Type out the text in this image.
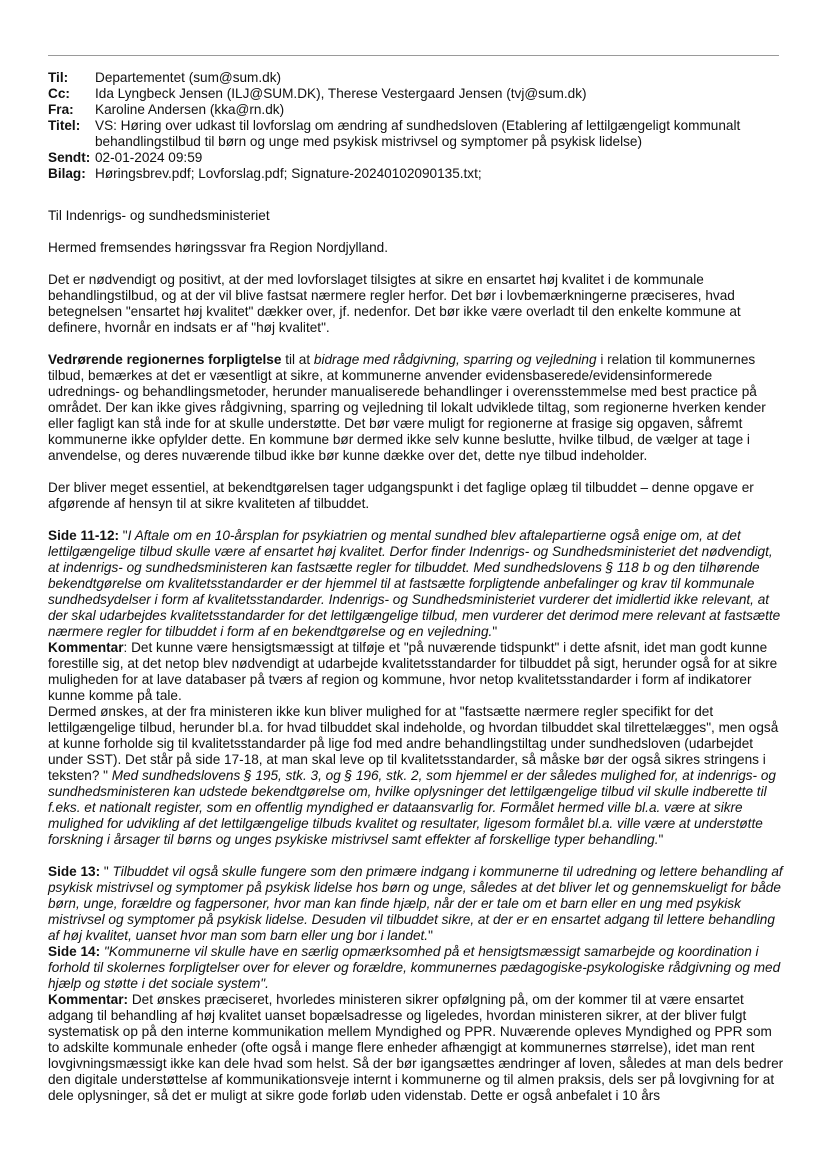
Til:	Departementet (sum@sum.dk)
Cc:	Ida Lyngbeck Jensen (ILJ@SUM.DK), Therese Vestergaard Jensen (tvj@sum.dk)
Fra:	Karoline Andersen (kka@rn.dk)
Titel:	VS: Høring over udkast til lovforslag om ændring af sundhedsloven (Etablering af lettilgængeligt kommunalt behandlingstilbud til børn og unge med psykisk mistrivsel og symptomer på psykisk lidelse)
Sendt: 02-01-2024 09:59
Bilag: Høringsbrev.pdf; Lovforslag.pdf; Signature-20240102090135.txt;

Til Indenrigs- og sundhedsministeriet

Hermed fremsendes høringssvar fra Region Nordjylland.

Det er nødvendigt og positivt, at der med lovforslaget tilsigtes at sikre en ensartet høj kvalitet i de kommunale behandlingstilbud, og at der vil blive fastsat nærmere regler herfor. Det bør i lovbemærkningerne præciseres, hvad betegnelsen "ensartet høj kvalitet" dækker over, jf. nedenfor. Det bør ikke være overladt til den enkelte kommune at definere, hvornår en indsats er af "høj kvalitet".

Vedrørende regionernes forpligtelse til at bidrage med rådgivning, sparring og vejledning i relation til kommunernes tilbud, bemærkes at det er væsentligt at sikre, at kommunerne anvender evidensbaserede/evidensinformerede udrednings- og behandlingsmetoder, herunder manualiserede behandlinger i overensstemmelse med best practice på området. Der kan ikke gives rådgivning, sparring og vejledning til lokalt udviklede tiltag, som regionerne hverken kender eller fagligt kan stå inde for at skulle understøtte. Det bør være muligt for regionerne at frasige sig opgaven, såfremt kommunerne ikke opfylder dette. En kommune bør dermed ikke selv kunne beslutte, hvilke tilbud, de vælger at tage i anvendelse, og deres nuværende tilbud ikke bør kunne dække over det, dette nye tilbud indeholder.

Der bliver meget essentiel, at bekendtgørelsen tager udgangspunkt i det faglige oplæg til tilbuddet – denne opgave er afgørende af hensyn til at sikre kvaliteten af tilbuddet.

Side 11-12: "I Aftale om en 10-årsplan for psykiatrien og mental sundhed blev aftalepartierne også enige om, at det lettilgængelige tilbud skulle være af ensartet høj kvalitet. Derfor finder Indenrigs- og Sundhedsministeriet det nødvendigt, at indenrigs- og sundhedsministeren kan fastsætte regler for tilbuddet. Med sundhedslovens § 118 b og den tilhørende bekendtgørelse om kvalitetsstandarder er der hjemmel til at fastsætte forpligtende anbefalinger og krav til kommunale sundhedsydelser i form af kvalitetsstandarder. Indenrigs- og Sundhedsministeriet vurderer det imidlertid ikke relevant, at der skal udarbejdes kvalitetsstandarder for det lettilgængelige tilbud, men vurderer det derimod mere relevant at fastsætte nærmere regler for tilbuddet i form af en bekendtgørelse og en vejledning."

Kommentar: Det kunne være hensigtsmæssigt at tilføje et "på nuværende tidspunkt" i dette afsnit, idet man godt kunne forestille sig, at det netop blev nødvendigt at udarbejde kvalitetsstandarder for tilbuddet på sigt, herunder også for at sikre muligheden for at lave databaser på tværs af region og kommune, hvor netop kvalitetsstandarder i form af indikatorer kunne komme på tale.

Dermed ønskes, at der fra ministeren ikke kun bliver mulighed for at "fastsætte nærmere regler specifikt for det lettilgængelige tilbud, herunder bl.a. for hvad tilbuddet skal indeholde, og hvordan tilbuddet skal tilrettelægges", men også at kunne forholde sig til kvalitetsstandarder på lige fod med andre behandlingstiltag under sundhedsloven (udarbejdet under SST). Det står på side 17-18, at man skal leve op til kvalitetsstandarder, så måske bør der også sikres stringens i teksten? " Med sundhedslovens § 195, stk. 3, og § 196, stk. 2, som hjemmel er der således mulighed for, at indenrigs- og sundhedsministeren kan udstede bekendtgørelse om, hvilke oplysninger det lettilgængelige tilbud vil skulle indberette til f.eks. et nationalt register, som en offentlig myndighed er dataansvarlig for. Formålet hermed ville bl.a. være at sikre mulighed for udvikling af det lettilgængelige tilbuds kvalitet og resultater, ligesom formålet bl.a. ville være at understøtte forskning i årsager til børns og unges psykiske mistrivsel samt effekter af forskellige typer behandling."

Side 13: " Tilbuddet vil også skulle fungere som den primære indgang i kommunerne til udredning og lettere behandling af psykisk mistrivsel og symptomer på psykisk lidelse hos børn og unge, således at det bliver let og gennemskueligt for både børn, unge, forældre og fagpersoner, hvor man kan finde hjælp, når der er tale om et barn eller en ung med psykisk mistrivsel og symptomer på psykisk lidelse. Desuden vil tilbuddet sikre, at der er en ensartet adgang til lettere behandling af høj kvalitet, uanset hvor man som barn eller ung bor i landet."

Side 14: "Kommunerne vil skulle have en særlig opmærksomhed på et hensigtsmæssigt samarbejde og koordination i forhold til skolernes forpligtelser over for elever og forældre, kommunernes pædagogiske-psykologiske rådgivning og med hjælp og støtte i det sociale system".

Kommentar: Det ønskes præciseret, hvorledes ministeren sikrer opfølgning på, om der kommer til at være ensartet adgang til behandling af høj kvalitet uanset bopælsadresse og ligeledes, hvordan ministeren sikrer, at der bliver fulgt systematisk op på den interne kommunikation mellem Myndighed og PPR. Nuværende opleves Myndighed og PPR som to adskilte kommunale enheder (ofte også i mange flere enheder afhængigt at kommunernes størrelse), idet man rent lovgivningsmæssigt ikke kan dele hvad som helst. Så der bør igangsættes ændringer af loven, således at man dels bedrer den digitale understøttelse af kommunikationsveje internt i kommunerne og til almen praksis, dels ser på lovgivning for at dele oplysninger, så det er muligt at sikre gode forløb uden videnstab. Dette er også anbefalet i 10 års
